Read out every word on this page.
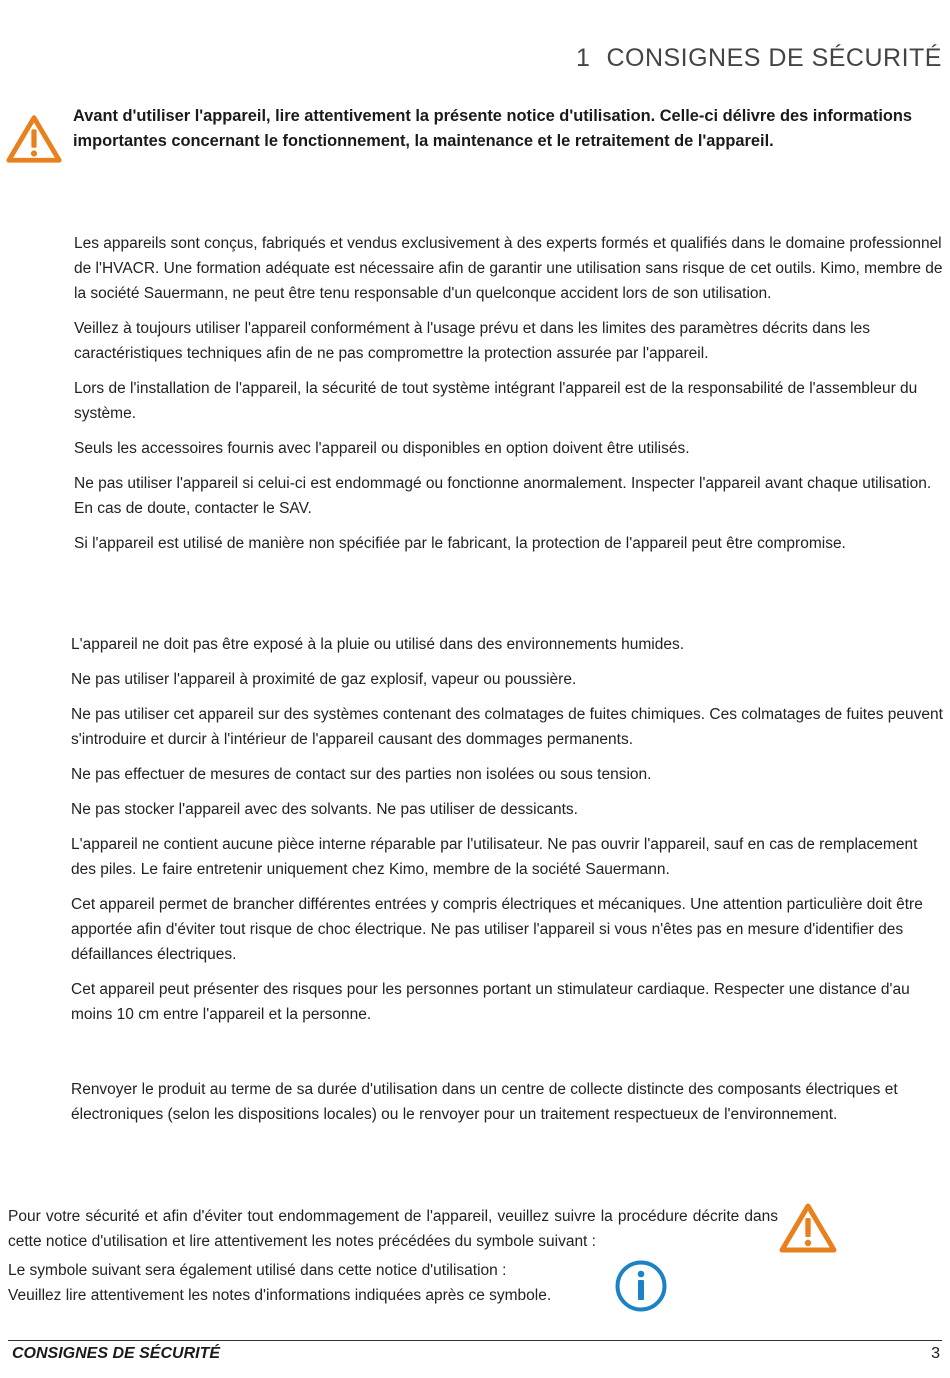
1 CONSIGNES DE SÉCURITÉ

Avant d'utiliser l'appareil, lire attentivement la présente notice d'utilisation. Celle-ci délivre des informations importantes concernant le fonctionnement, la maintenance et le retraitement de l'appareil.

Les appareils sont conçus, fabriqués et vendus exclusivement à des experts formés et qualifiés dans le domaine professionnel de l'HVACR. Une formation adéquate est nécessaire afin de garantir une utilisation sans risque de cet outils. Kimo, membre de la société Sauermann, ne peut être tenu responsable d'un quelconque accident lors de son utilisation.

Veillez à toujours utiliser l'appareil conformément à l'usage prévu et dans les limites des paramètres décrits dans les caractéristiques techniques afin de ne pas compromettre la protection assurée par l'appareil.

Lors de l'installation de l'appareil, la sécurité de tout système intégrant l'appareil est de la responsabilité de l'assembleur du système.

Seuls les accessoires fournis avec l'appareil ou disponibles en option doivent être utilisés.

Ne pas utiliser l'appareil si celui-ci est endommagé ou fonctionne anormalement. Inspecter l'appareil avant chaque utilisation. En cas de doute, contacter le SAV.

Si l'appareil est utilisé de manière non spécifiée par le fabricant, la protection de l'appareil peut être compromise.

L'appareil ne doit pas être exposé à la pluie ou utilisé dans des environnements humides.

Ne pas utiliser l'appareil à proximité de gaz explosif, vapeur ou poussière.

Ne pas utiliser cet appareil sur des systèmes contenant des colmatages de fuites chimiques. Ces colmatages de fuites peuvent s'introduire et durcir à l'intérieur de l'appareil causant des dommages permanents.

Ne pas effectuer de mesures de contact sur des parties non isolées ou sous tension.

Ne pas stocker l'appareil avec des solvants. Ne pas utiliser de dessicants.

L'appareil ne contient aucune pièce interne réparable par l'utilisateur. Ne pas ouvrir l'appareil, sauf en cas de remplacement des piles. Le faire entretenir uniquement chez Kimo, membre de la société Sauermann.

Cet appareil permet de brancher différentes entrées y compris électriques et mécaniques. Une attention particulière doit être apportée afin d'éviter tout risque de choc électrique. Ne pas utiliser l'appareil si vous n'êtes pas en mesure d'identifier des défaillances électriques.

Cet appareil peut présenter des risques pour les personnes portant un stimulateur cardiaque. Respecter une distance d'au moins 10 cm entre l'appareil et la personne.

Renvoyer le produit au terme de sa durée d'utilisation dans un centre de collecte distincte des composants électriques et électroniques (selon les dispositions locales) ou le renvoyer pour un traitement respectueux de l'environnement.

Pour votre sécurité et afin d'éviter tout endommagement de l'appareil, veuillez suivre la procédure décrite dans cette notice d'utilisation et lire attentivement les notes précédées du symbole suivant :

Le symbole suivant sera également utilisé dans cette notice d'utilisation :
Veuillez lire attentivement les notes d'informations indiquées après ce symbole.
CONSIGNES DE SÉCURITÉ	3
